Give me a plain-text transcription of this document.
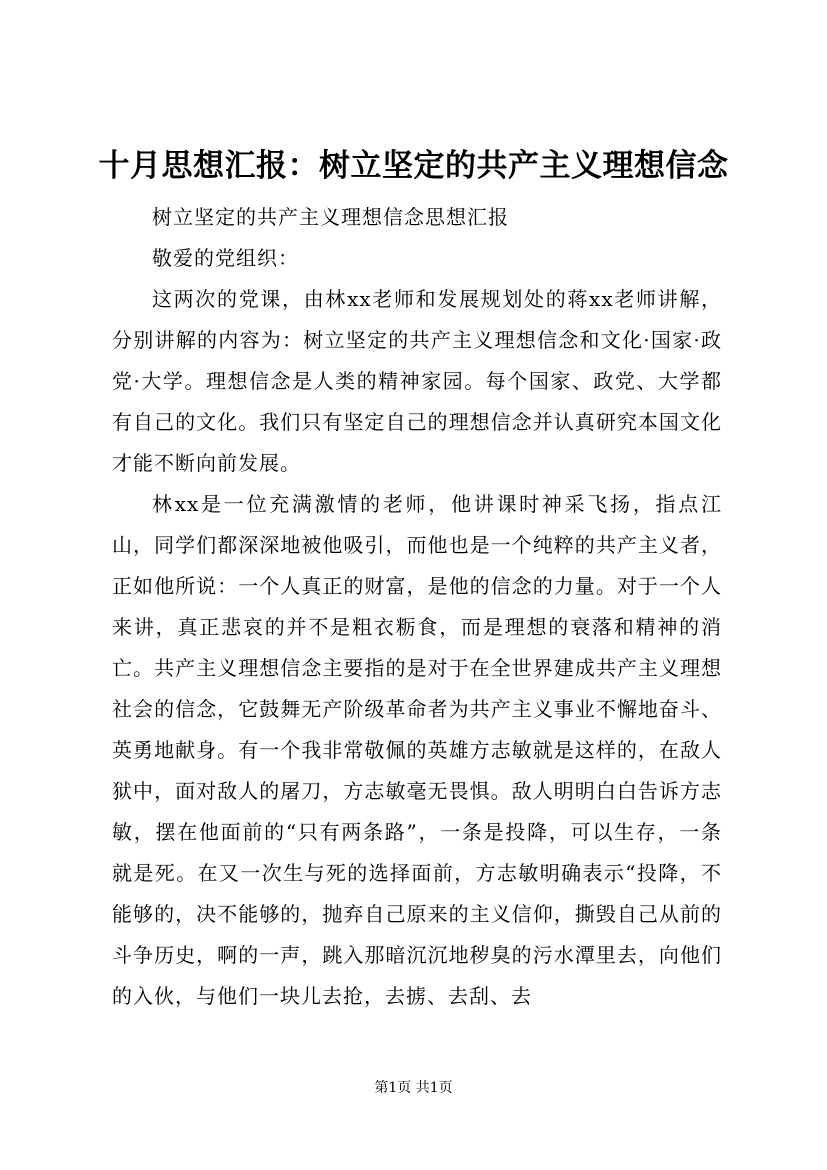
十月思想汇报：树立坚定的共产主义理想信念

树立坚定的共产主义理想信念思想汇报

敬爱的党组织：

这两次的党课，由林xx老师和发展规划处的蒋xx老师讲解，分别讲解的内容为：树立坚定的共产主义理想信念和文化·国家·政党·大学。理想信念是人类的精神家园。每个国家、政党、大学都有自己的文化。我们只有坚定自己的理想信念并认真研究本国文化才能不断向前发展。

林xx是一位充满激情的老师，他讲课时神采飞扬，指点江山，同学们都深深地被他吸引，而他也是一个纯粹的共产主义者，正如他所说：一个人真正的财富，是他的信念的力量。对于一个人来讲，真正悲哀的并不是粗衣粝食，而是理想的衰落和精神的消亡。共产主义理想信念主要指的是对于在全世界建成共产主义理想社会的信念，它鼓舞无产阶级革命者为共产主义事业不懈地奋斗、英勇地献身。有一个我非常敬佩的英雄方志敏就是这样的，在敌人狱中，面对敌人的屠刀，方志敏毫无畏惧。敌人明明白白告诉方志敏，摆在他面前的“只有两条路”，一条是投降，可以生存，一条就是死。在又一次生与死的选择面前，方志敏明确表示“投降，不能够的，决不能够的，抛弃自己原来的主义信仰，撕毁自己从前的斗争历史，啊的一声，跳入那暗沉沉地秽臭的污水潭里去，向他们的入伙，与他们一块儿去抢，去掳、去刮、去

第1页 共1页
